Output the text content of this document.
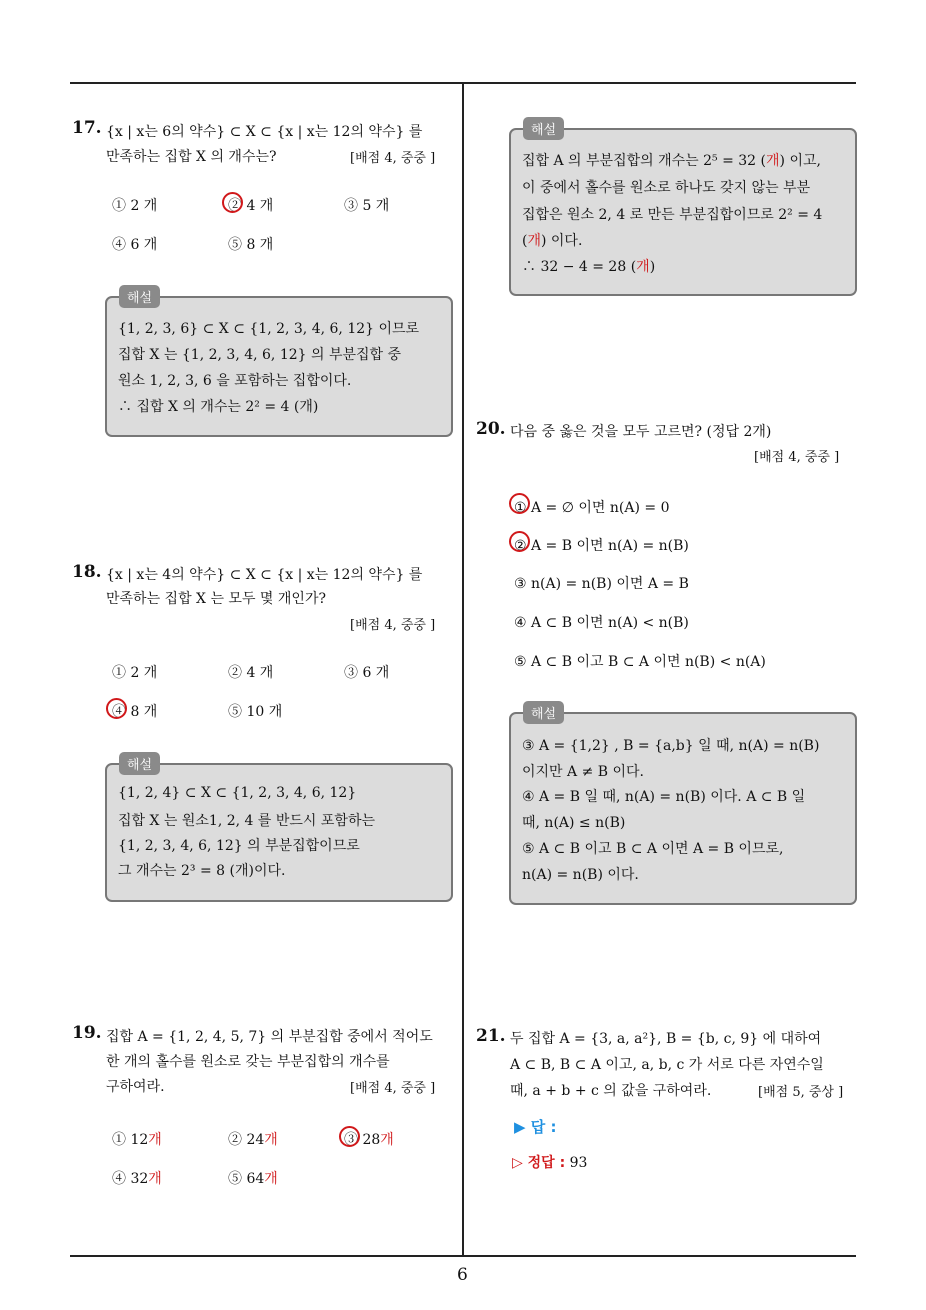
6
17. {x | x는 6의 약수} ⊂ X ⊂ {x | x는 12의 약수} 를
만족하는 집합 X 의 개수는?	[배점 4, 중중 ]
① 2 개	② 4 개	③ 5 개
④ 6 개	⑤ 8 개
해설
{1, 2, 3, 6} ⊂ X ⊂ {1, 2, 3, 4, 6, 12} 이므로
집합 X 는 {1, 2, 3, 4, 6, 12} 의 부분집합 중
원소 1, 2, 3, 6 을 포함하는 집합이다.
∴ 집합 X 의 개수는 2² = 4 (개)
18. {x | x는 4의 약수} ⊂ X ⊂ {x | x는 12의 약수} 를
만족하는 집합 X 는 모두 몇 개인가?
[배점 4, 중중 ]
① 2 개	② 4 개	③ 6 개
④ 8 개	⑤ 10 개
해설
{1, 2, 4} ⊂ X ⊂ {1, 2, 3, 4, 6, 12}
집합 X 는 원소1, 2, 4 를 반드시 포함하는
{1, 2, 3, 4, 6, 12} 의 부분집합이므로
그 개수는 2³ = 8 (개)이다.
19. 집합 A = {1, 2, 4, 5, 7} 의 부분집합 중에서 적어도
한 개의 홀수를 원소로 갖는 부분집합의 개수를
구하여라.	[배점 4, 중중 ]
① 12개	② 24개	③ 28개
④ 32개	⑤ 64개
해설
집합 A 의 부분집합의 개수는 2⁵ = 32 (개) 이고,
이 중에서 홀수를 원소로 하나도 갖지 않는 부분
집합은 원소 2, 4 로 만든 부분집합이므로 2² = 4
(개) 이다.
∴ 32 − 4 = 28 (개)
20. 다음 중 옳은 것을 모두 고르면? (정답 2개)
[배점 4, 중중 ]
① A = ∅ 이면 n(A) = 0
② A = B 이면 n(A) = n(B)
③ n(A) = n(B) 이면 A = B
④ A ⊂ B 이면 n(A) < n(B)
⑤ A ⊂ B 이고 B ⊂ A 이면 n(B) < n(A)
해설
③ A = {1,2} , B = {a,b} 일 때, n(A) = n(B)
이지만 A ≠ B 이다.
④ A = B 일 때, n(A) = n(B) 이다. A ⊂ B 일
때, n(A) ≤ n(B)
⑤ A ⊂ B 이고 B ⊂ A 이면 A = B 이므로,
n(A) = n(B) 이다.
21. 두 집합 A = {3, a, a²}, B = {b, c, 9} 에 대하여
A ⊂ B, B ⊂ A 이고, a, b, c 가 서로 다른 자연수일
때, a + b + c 의 값을 구하여라.	[배점 5, 중상 ]
▶ 답 :
▷ 정답 : 93
